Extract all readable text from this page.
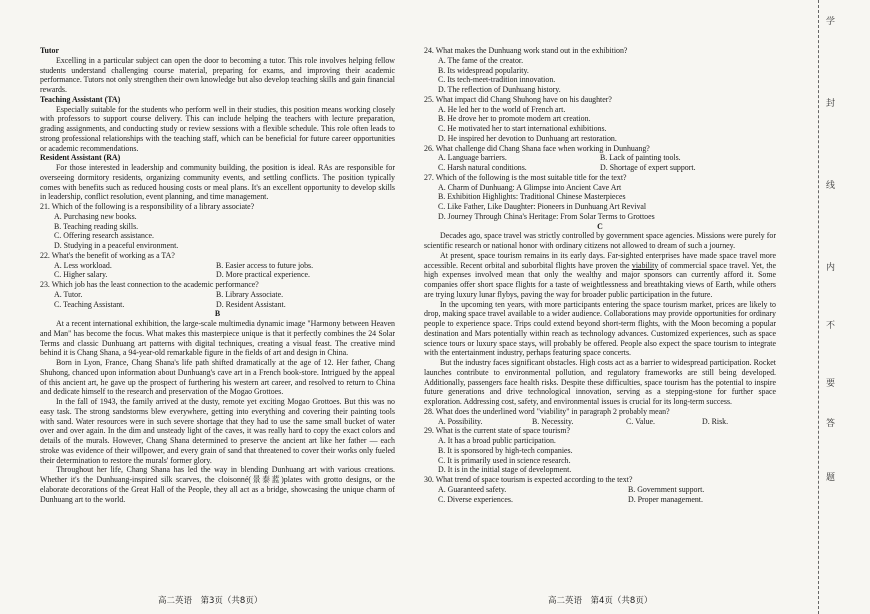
Tutor
Excelling in a particular subject can open the door to becoming a tutor. This role involves helping fellow students understand challenging course material, preparing for exams, and improving their academic performance. Tutors not only strengthen their own knowledge but also develop teaching skills and gain financial rewards.
Teaching Assistant (TA)
Especially suitable for the students who perform well in their studies, this position means working closely with professors to support course delivery. This can include helping the teachers with lecture preparation, grading assignments, and conducting study or review sessions with a flexible schedule. This role often leads to strong professional relationships with the teaching staff, which can be beneficial for future career opportunities or academic recommendations.
Resident Assistant (RA)
For those interested in leadership and community building, the position is ideal. RAs are responsible for overseeing dormitory residents, organizing community events, and settling conflicts. The position typically comes with benefits such as reduced housing costs or meal plans. It's an excellent opportunity to develop skills in leadership, conflict resolution, event planning, and time management.
21. Which of the following is a responsibility of a library associate?
A. Purchasing new books.
B. Teaching reading skills.
C. Offering research assistance.
D. Studying in a peaceful environment.
22. What's the benefit of working as a TA?
A. Less workload.	B. Easier access to future jobs.
C. Higher salary.	D. More practical experience.
23. Which job has the least connection to the academic performance?
A. Tutor.	B. Library Associate.
C. Teaching Assistant.	D. Resident Assistant.
B
At a recent international exhibition, the large-scale multimedia dynamic image "Harmony between Heaven and Man" has become the focus. What makes this masterpiece unique is that it perfectly combines the 24 Solar Terms and classic Dunhuang art patterns with digital techniques, creating a visual feast. The creative mind behind it is Chang Shana, a 94-year-old remarkable figure in the fields of art and design in China.
Born in Lyon, France, Chang Shana's life path shifted dramatically at the age of 12. Her father, Chang Shuhong, chanced upon information about Dunhuang's cave art in a French book-store. Intrigued by the appeal of this ancient art, he gave up the prospect of furthering his western art career, and resolved to return to China and dedicate himself to the research and preservation of the Mogao Grottoes.
In the fall of 1943, the family arrived at the dusty, remote yet exciting Mogao Grottoes. But this was no easy task. The strong sandstorms blew everywhere, getting into everything and covering their painting tools with sand. Water resources were in such severe shortage that they had to use the same small bucket of water over and over again. In the dim and unsteady light of the caves, it was really hard to copy the exact colors and details of the murals. However, Chang Shana determined to preserve the ancient art like her father — each stroke was evidence of their willpower, and every grain of sand that threatened to cover their works only fueled their determination to restore the murals' former glory.
Throughout her life, Chang Shana has led the way in blending Dunhuang art with various creations. Whether it's the Dunhuang-inspired silk scarves, the cloisonné(景泰蓝)plates with grotto designs, or the elaborate decorations of the Great Hall of the People, they all act as a bridge, showcasing the unique charm of Dunhuang art to the world.
24. What makes the Dunhuang work stand out in the exhibition?
A. The fame of the creator.
B. Its widespread popularity.
C. Its tech-meet-tradition innovation.
D. The reflection of Dunhuang history.
25. What impact did Chang Shuhong have on his daughter?
A. He led her to the world of French art.
B. He drove her to promote modern art creation.
C. He motivated her to start international exhibitions.
D. He inspired her devotion to Dunhuang art restoration.
26. What challenge did Chang Shana face when working in Dunhuang?
A. Language barriers.	B. Lack of painting tools.
C. Harsh natural conditions.	D. Shortage of expert support.
27. Which of the following is the most suitable title for the text?
A. Charm of Dunhuang: A Glimpse into Ancient Cave Art
B. Exhibition Highlights: Traditional Chinese Masterpieces
C. Like Father, Like Daughter: Pioneers in Dunhuang Art Revival
D. Journey Through China's Heritage: From Solar Terms to Grottoes
C
Decades ago, space travel was strictly controlled by government space agencies. Missions were purely for scientific research or national honor with ordinary citizens not allowed to dream of such a journey.
At present, space tourism remains in its early days. Far-sighted enterprises have made space travel more accessible. Recent orbital and suborbital flights have proven the viability of commercial space travel. Yet, the high expenses involved mean that only the wealthy and major sponsors can currently afford it. Some companies offer short space flights for a taste of weightlessness and breathtaking views of Earth, while others are trying luxury lunar flybys, paving the way for broader public participation in the future.
In the upcoming ten years, with more participants entering the space tourism market, prices are likely to drop, making space travel available to a wider audience. Collaborations may provide opportunities for ordinary people to experience space. Trips could extend beyond short-term flights, with the Moon becoming a popular destination and Mars potentially within reach as technology advances. Customized experiences, such as space science tours or luxury space stays, will probably be offered. People also expect the space tourism to integrate with the entertainment industry, perhaps featuring space concerts.
But the industry faces significant obstacles. High costs act as a barrier to widespread participation. Rocket launches contribute to environmental pollution, and regulatory frameworks are still being developed. Additionally, passengers face health risks. Despite these difficulties, space tourism has the potential to inspire future generations and drive technological innovation, serving as a stepping-stone for further space exploration. Addressing cost, safety, and environmental issues is crucial for its long-term success.
28. What does the underlined word "viability" in paragraph 2 probably mean?
A. Possibility.	B. Necessity.	C. Value.	D. Risk.
29. What is the current state of space tourism?
A. It has a broad public participation.
B. It is sponsored by high-tech companies.
C. It is primarily used in science research.
D. It is in the initial stage of development.
30. What trend of space tourism is expected according to the text?
A. Guaranteed safety.	B. Government support.
C. Diverse experiences.	D. Proper management.
高二英语　第3页（共8页）	高二英语　第4页（共8页）
学
封
线
内
不
要
答
题
